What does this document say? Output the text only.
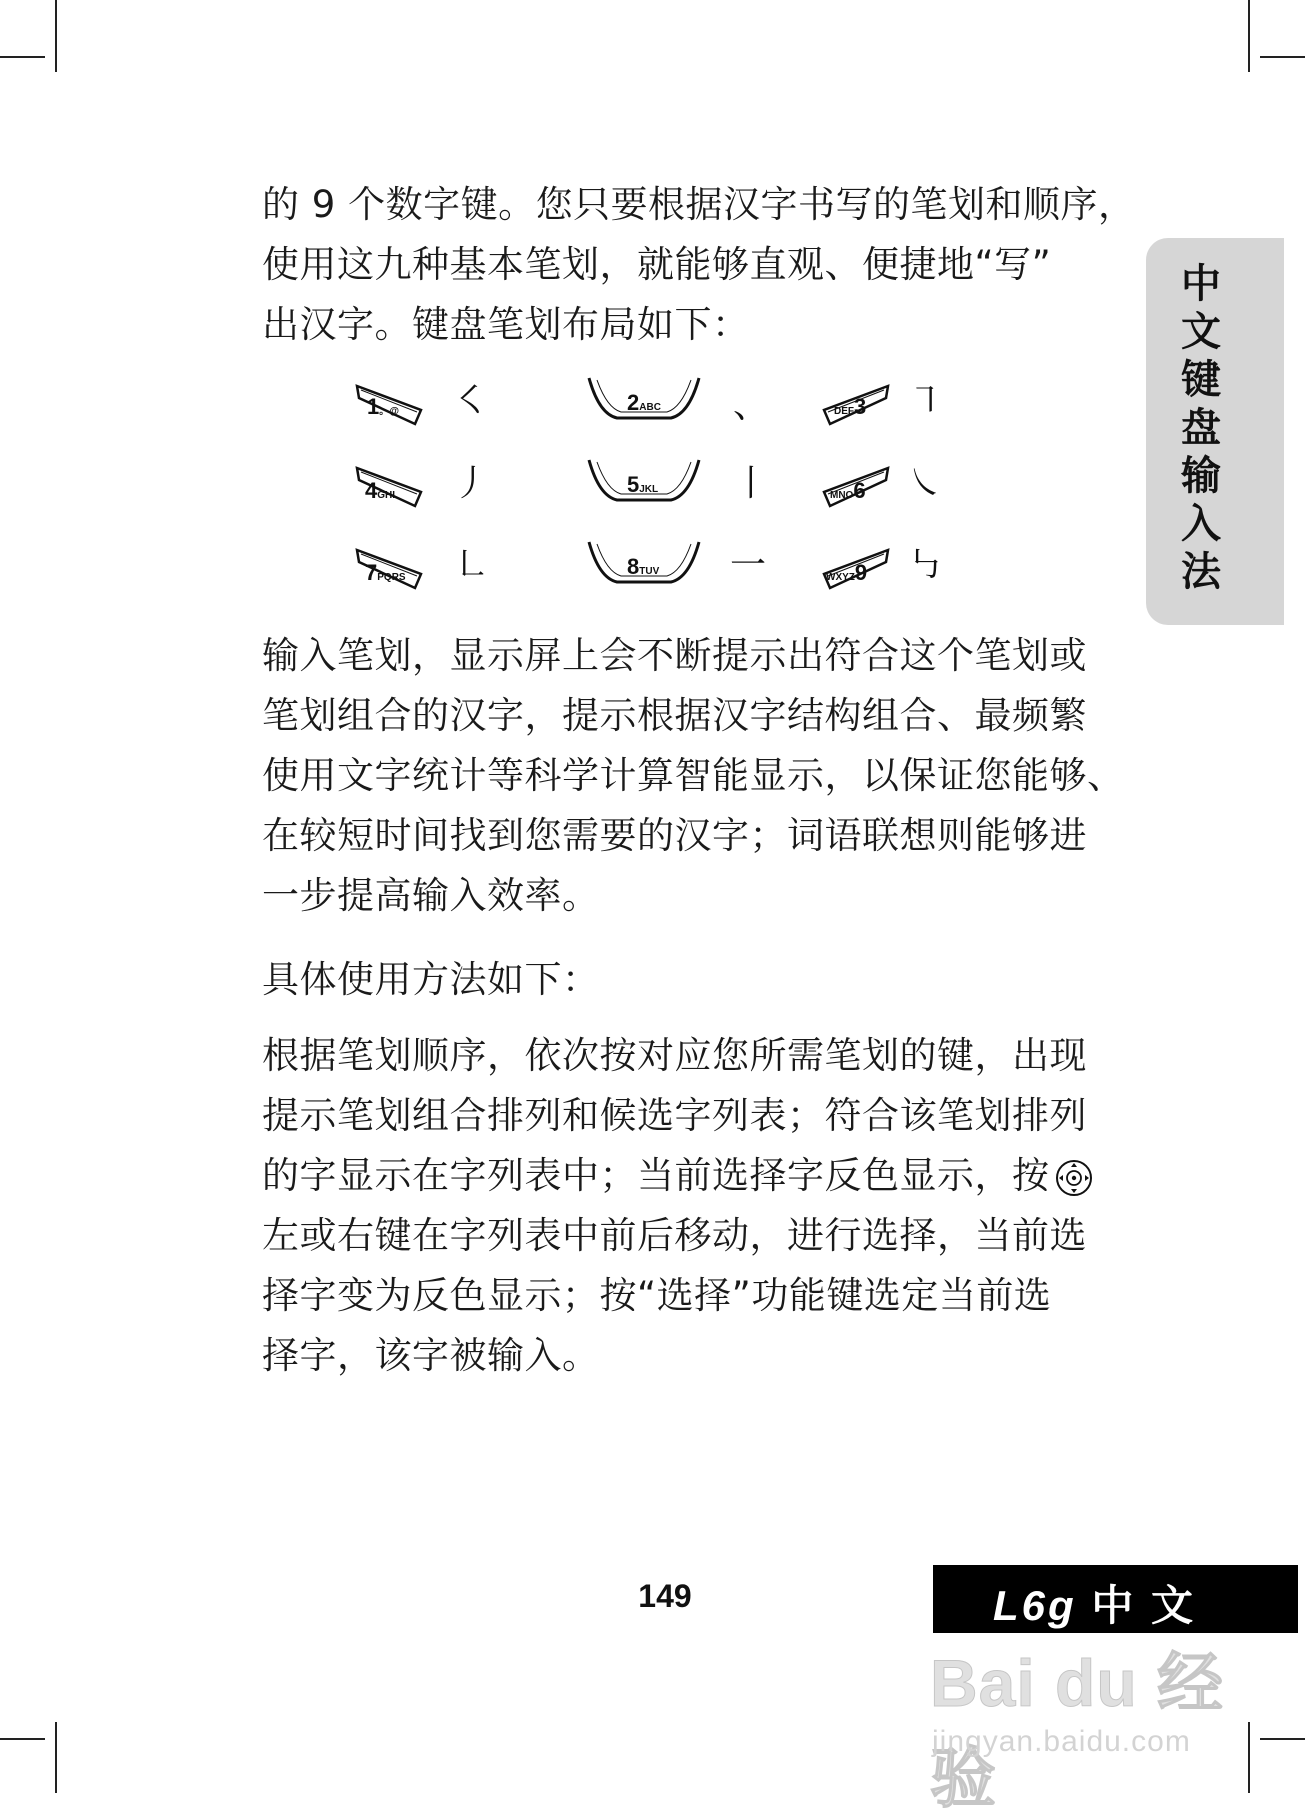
的 9 个数字键。您只要根据汉字书写的笔划和顺序，

使用这九种基本笔划，就能够直观、便捷地“写”

出汉字。键盘笔划布局如下：

1。@ ㇛	2ABC 、	DEF3 ㇕
4GHI 丿	5JKL 丨	MNO6 ㇏
7PQRS ㇗	8TUV 一	WXYZ9 ㇉

输入笔划，显示屏上会不断提示出符合这个笔划或

笔划组合的汉字，提示根据汉字结构组合、最频繁

使用文字统计等科学计算智能显示，以保证您能够、

在较短时间找到您需要的汉字；词语联想则能够进

一步提高输入效率。

具体使用方法如下：

根据笔划顺序，依次按对应您所需笔划的键，出现

提示笔划组合排列和候选字列表；符合该笔划排列

的字显示在字列表中；当前选择字反色显示，按

左或右键在字列表中前后移动，进行选择，当前选

择字变为反色显示；按“选择”功能键选定当前选

择字，该字被输入。

中
文
键
盘
输
入
法
149	L6g 中 文
Bai du 经验
jingyan.baidu.com
